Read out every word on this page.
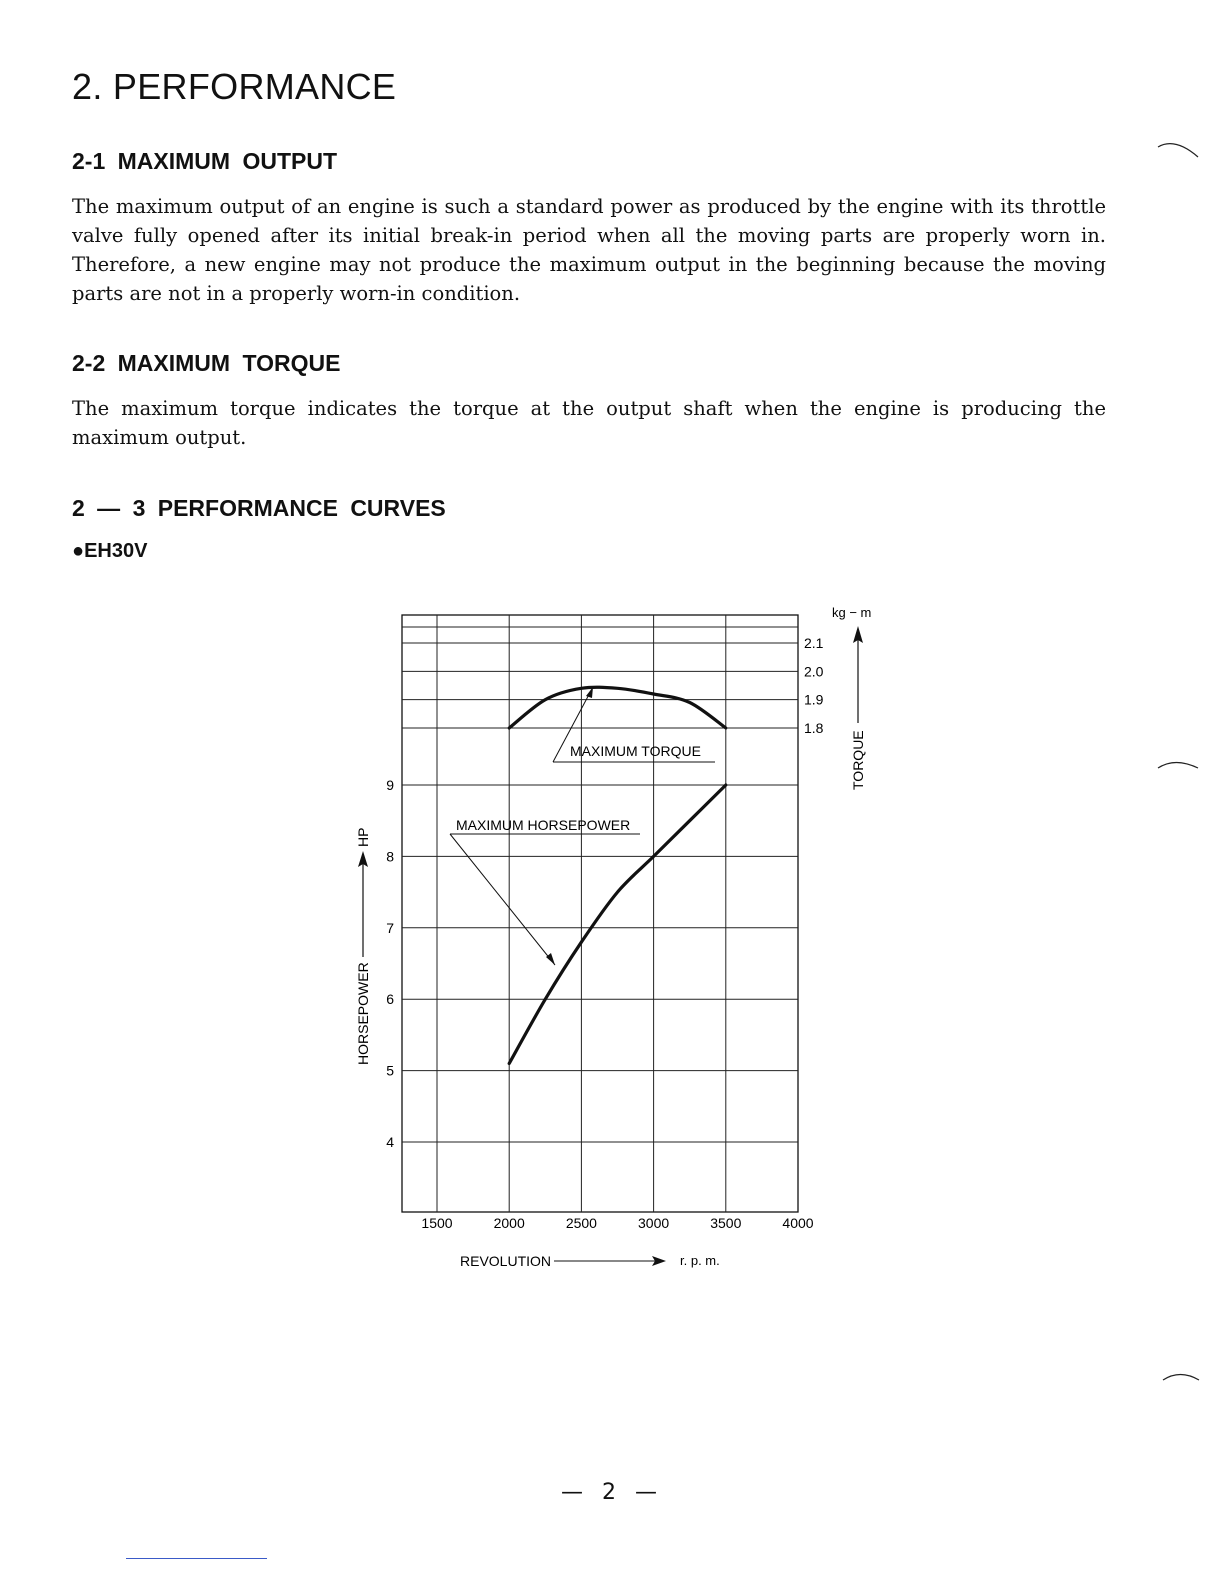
2. PERFORMANCE
2-1 MAXIMUM OUTPUT
The maximum output of an engine is such a standard power as produced by the engine with its throttle valve fully opened after its initial break-in period when all the moving parts are properly worn in. Therefore, a new engine may not produce the maximum output in the beginning because the moving parts are not in a properly worn-in condition.
2-2 MAXIMUM TORQUE
The maximum torque indicates the torque at the output shaft when the engine is producing the maximum output.
2 — 3 PERFORMANCE CURVES
●EH30V
1500	2000	2500	3000	3500	4000
9
8
7
6
5
4
2.1
2.0
1.9
1.8
MAXIMUM TORQUE
MAXIMUM HORSEPOWER
REVOLUTION	r. p. m.
kg − m
TORQUE
HP
HORSEPOWER
— 2 —
